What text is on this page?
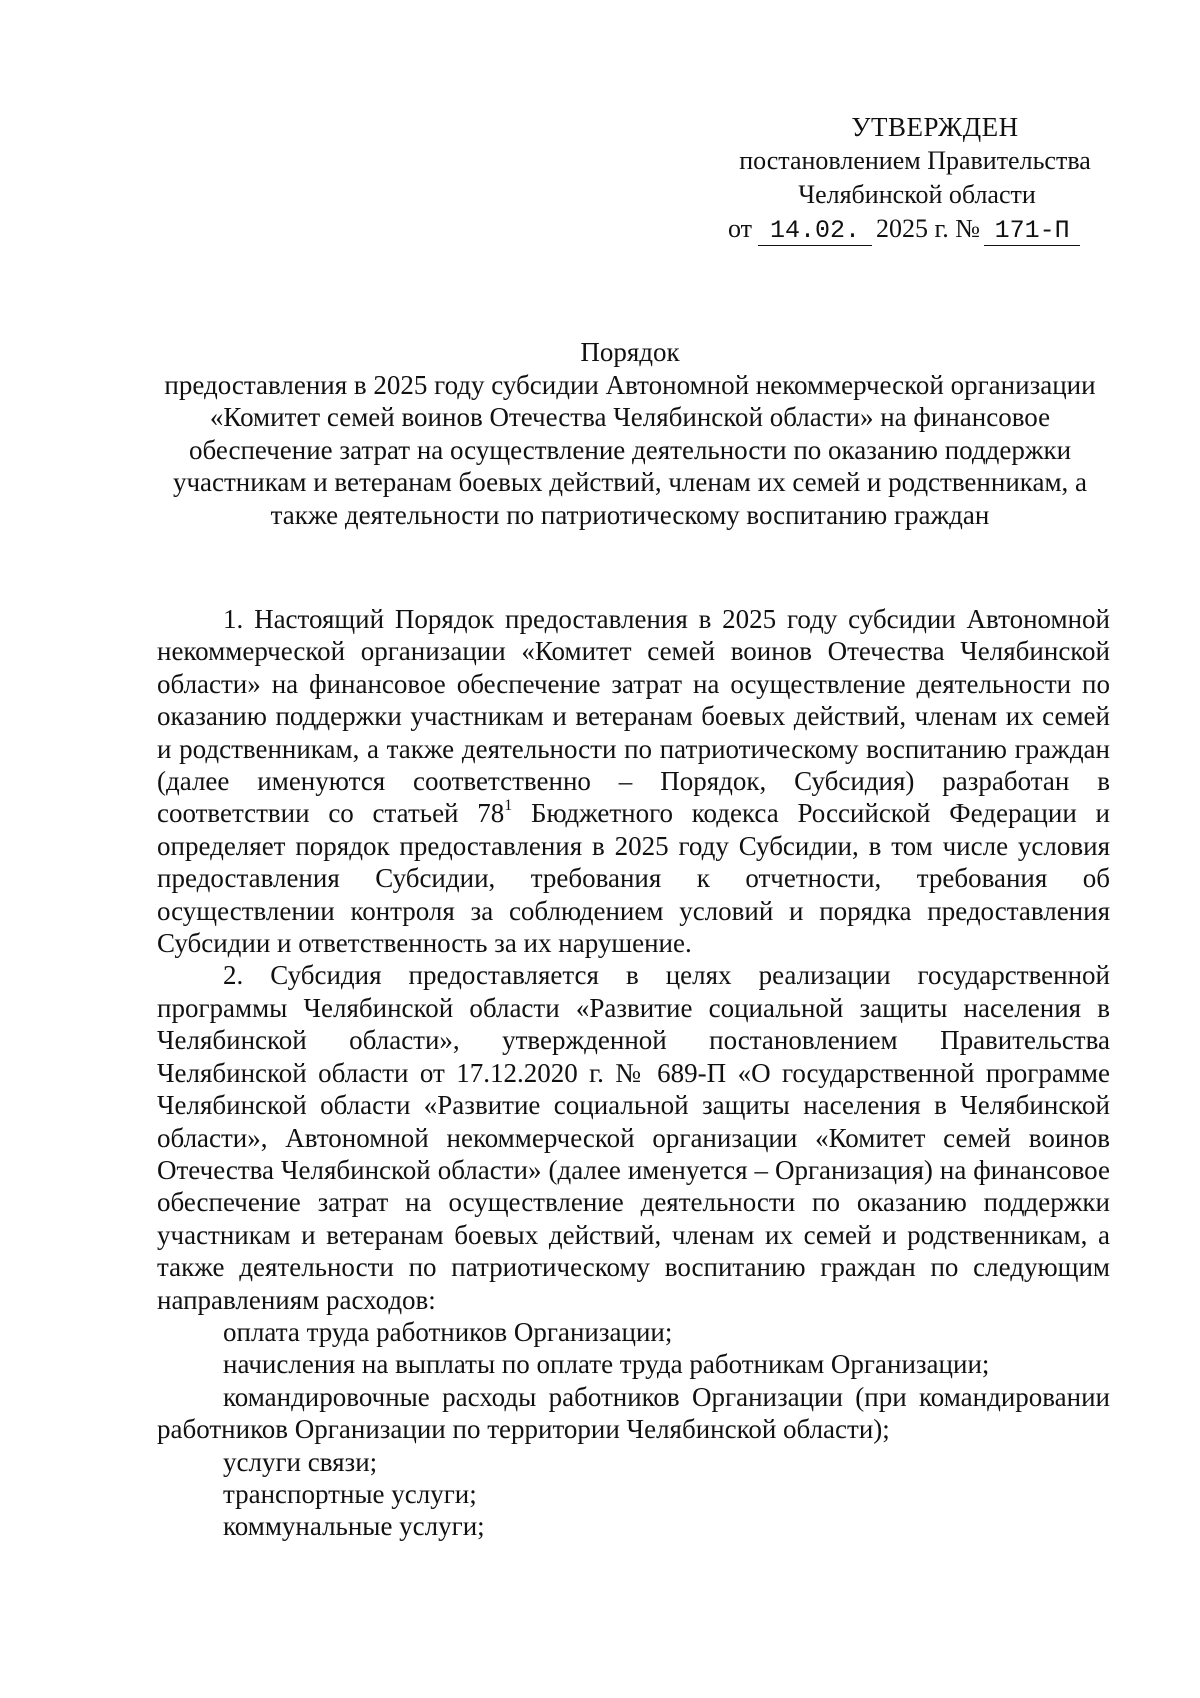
УТВЕРЖДЕН
постановлением Правительства
Челябинской области
от 14.02. 2025 г. № 171-П
Порядок
предоставления в 2025 году субсидии Автономной некоммерческой организации «Комитет семей воинов Отечества Челябинской области» на финансовое обеспечение затрат на осуществление деятельности по оказанию поддержки участникам и ветеранам боевых действий, членам их семей и родственникам, а также деятельности по патриотическому воспитанию граждан

1. Настоящий Порядок предоставления в 2025 году субсидии Автономной некоммерческой организации «Комитет семей воинов Отечества Челябинской области» на финансовое обеспечение затрат на осуществление деятельности по оказанию поддержки участникам и ветеранам боевых действий, членам их семей и родственникам, а также деятельности по патриотическому воспитанию граждан (далее именуются соответственно – Порядок, Субсидия) разработан в соответствии со статьей $78^1$ Бюджетного кодекса Российской Федерации и определяет порядок предоставления в 2025 году Субсидии, в том числе условия предоставления Субсидии, требования к отчетности, требования об осуществлении контроля за соблюдением условий и порядка предоставления Субсидии и ответственность за их нарушение.

2. Субсидия предоставляется в целях реализации государственной программы Челябинской области «Развитие социальной защиты населения в Челябинской области», утвержденной постановлением Правительства Челябинской области от 17.12.2020 г. № 689-П «О государственной программе Челябинской области «Развитие социальной защиты населения в Челябинской области», Автономной некоммерческой организации «Комитет семей воинов Отечества Челябинской области» (далее именуется – Организация) на финансовое обеспечение затрат на осуществление деятельности по оказанию поддержки участникам и ветеранам боевых действий, членам их семей и родственникам, а также деятельности по патриотическому воспитанию граждан по следующим направлениям расходов:

оплата труда работников Организации;

начисления на выплаты по оплате труда работникам Организации;

командировочные расходы работников Организации (при командировании работников Организации по территории Челябинской области);

услуги связи;

транспортные услуги;

коммунальные услуги;
